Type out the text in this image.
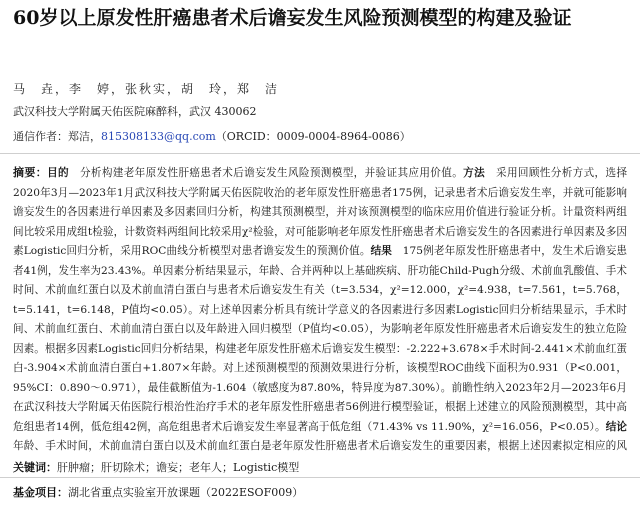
60岁以上原发性肝癌患者术后谵妄发生风险预测模型的构建及验证
马　垚，李　婷，张秋实，胡　玲，郑　洁
武汉科技大学附属天佑医院麻醉科，武汉 430062
通信作者：郑洁，815308133@qq.com（ORCID：0009-0004-8964-0086）

摘要：目的　 分析构建老年原发性肝癌患者术后谵妄发生风险预测模型，并验证其应用价值。方法　 采用回顾性分析方式，选择2020年3月—2023年1月武汉科技大学附属天佑医院收治的老年原发性肝癌患者175例，记录患者术后谵妄发生率，并就可能影响谵妄发生的各因素进行单因素及多因素回归分析，构建其预测模型，并对该预测模型的临床应用价值进行验证分析。计量资料两组间比较采用成组t检验，计数资料两组间比较采用χ²检验，对可能影响老年原发性肝癌患者术后谵妄发生的各因素进行单因素及多因素Logistic回归分析，采用ROC曲线分析模型对患者谵妄发生的预测价值。结果　 175例老年原发性肝癌患者中，发生术后谵妄患者41例，发生率为23.43%。单因素分析结果显示，年龄、合并两种以上基础疾病、肝功能Child-Pugh分级、术前血乳酸值、手术时间、术前血红蛋白以及术前血清白蛋白与患者术后谵妄发生有关（t=3.534，χ²=12.000，χ²=4.938，t=7.561，t=5.768，t=5.141，t=6.148，P值均<0.05）。对上述单因素分析具有统计学意义的各因素进行多因素Logistic回归分析结果显示，手术时间、术前血红蛋白、术前血清白蛋白以及年龄进入回归模型（P值均<0.05），为影响老年原发性肝癌患者术后谵妄发生的独立危险因素。根据多因素Logistic回归分析结果，构建老年原发性肝癌术后谵妄发生模型：-2.222+3.678×手术时间-2.441×术前血红蛋白-3.904×术前血清白蛋白+1.807×年龄。对上述预测模型的预测效果进行分析，该模型ROC曲线下面积为0.931（P<0.001，95%CI：0.890～0.971），最佳截断值为-1.604（敏感度为87.80%，特异度为87.30%）。前瞻性纳入2023年2月—2023年6月在武汉科技大学附属天佑医院行根治性治疗手术的老年原发性肝癌患者56例进行模型验证，根据上述建立的风险预测模型，其中高危组患者14例，低危组42例，高危组患者术后谵妄发生率显著高于低危组（71.43% vs 11.90%，χ²=16.056，P<0.05）。结论　年龄、手术时间，术前血清白蛋白以及术前血红蛋白是老年原发性肝癌患者术后谵妄发生的重要因素，根据上述因素拟定相应的风

关键词：肝肿瘤；肝切除术；谵妄；老年人；Logistic模型
基金项目：湖北省重点实验室开放课题（2022ESOF009）
